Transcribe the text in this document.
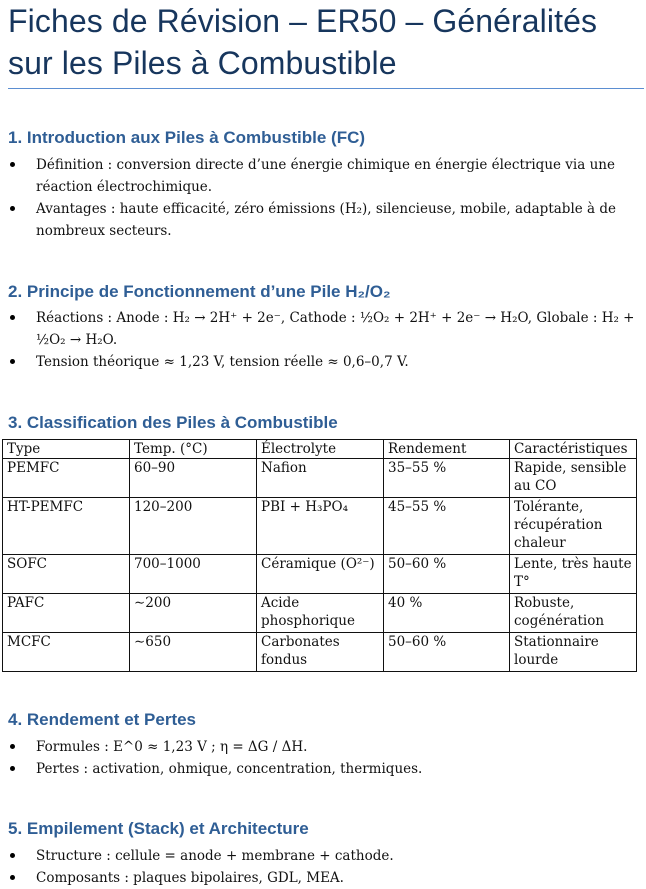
Fiches de Révision – ER50 – Généralités sur les Piles à Combustible
1. Introduction aux Piles à Combustible (FC)
Définition : conversion directe d’une énergie chimique en énergie électrique via une réaction électrochimique.
Avantages : haute efficacité, zéro émissions (H₂), silencieuse, mobile, adaptable à de nombreux secteurs.
2. Principe de Fonctionnement d’une Pile H₂/O₂
Réactions : Anode : H₂ → 2H⁺ + 2e⁻, Cathode : ½O₂ + 2H⁺ + 2e⁻ → H₂O, Globale : H₂ + ½O₂ → H₂O.
Tension théorique ≈ 1,23 V, tension réelle ≈ 0,6–0,7 V.
3. Classification des Piles à Combustible
Type	Temp. (°C)	Électrolyte	Rendement	Caractéristiques
PEMFC	60–90	Nafion	35–55 %	Rapide, sensible au CO
HT-PEMFC	120–200	PBI + H₃PO₄	45–55 %	Tolérante, récupération chaleur
SOFC	700–1000	Céramique (O²⁻)	50–60 %	Lente, très haute T°
PAFC	∼200	Acide phosphorique	40 %	Robuste, cogénération
MCFC	∼650	Carbonates fondus	50–60 %	Stationnaire lourde
4. Rendement et Pertes
Formules : E^0 ≈ 1,23 V ; η = ΔG / ΔH.
Pertes : activation, ohmique, concentration, thermiques.
5. Empilement (Stack) et Architecture
Structure : cellule = anode + membrane + cathode.
Composants : plaques bipolaires, GDL, MEA.
